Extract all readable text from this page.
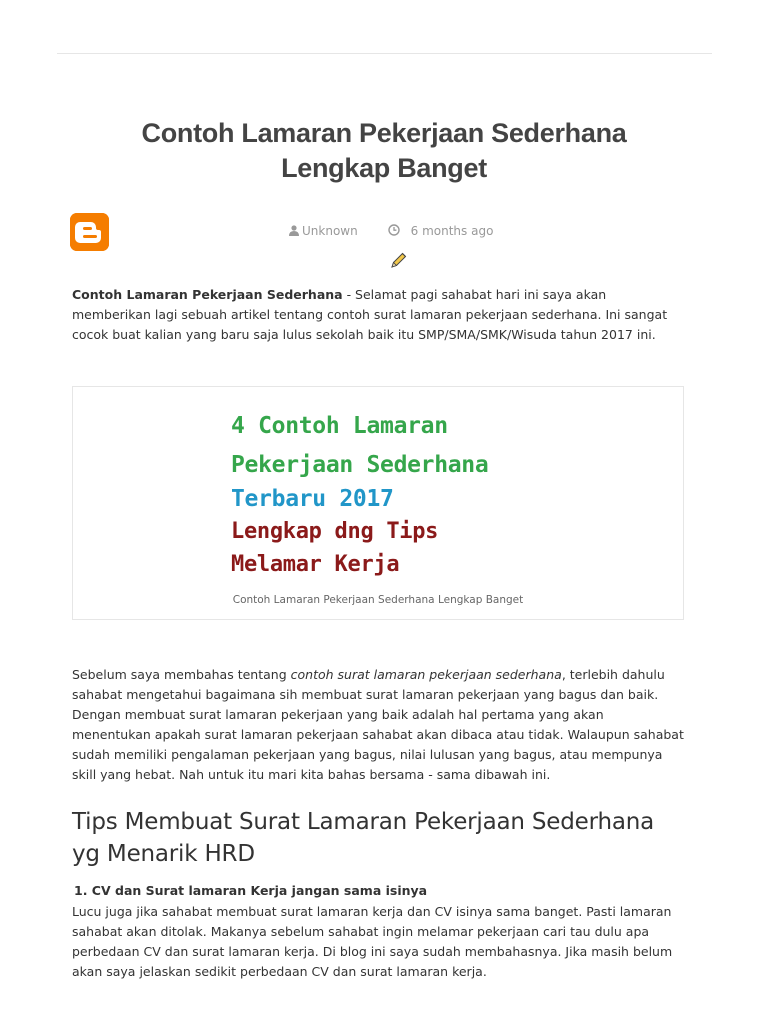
Contoh Lamaran Pekerjaan Sederhana Lengkap Banget
Unknown	6 months ago

Contoh Lamaran Pekerjaan Sederhana - Selamat pagi sahabat hari ini saya akan memberikan lagi sebuah artikel tentang contoh surat lamaran pekerjaan sederhana. Ini sangat cocok buat kalian yang baru saja lulus sekolah baik itu SMP/SMA/SMK/Wisuda tahun 2017 ini.

4 Contoh Lamaran

Pekerjaan Sederhana

Terbaru 2017

Lengkap dng Tips

Melamar Kerja

Contoh Lamaran Pekerjaan Sederhana Lengkap Banget

Sebelum saya membahas tentang contoh surat lamaran pekerjaan sederhana, terlebih dahulu sahabat mengetahui bagaimana sih membuat surat lamaran pekerjaan yang bagus dan baik. Dengan membuat surat lamaran pekerjaan yang baik adalah hal pertama yang akan menentukan apakah surat lamaran pekerjaan sahabat akan dibaca atau tidak. Walaupun sahabat sudah memiliki pengalaman pekerjaan yang bagus, nilai lulusan yang bagus, atau mempunya skill yang hebat. Nah untuk itu mari kita bahas bersama - sama dibawah ini.

Tips Membuat Surat Lamaran Pekerjaan Sederhana yg Menarik HRD

1. CV dan Surat lamaran Kerja jangan sama isinya

Lucu juga jika sahabat membuat surat lamaran kerja dan CV isinya sama banget. Pasti lamaran sahabat akan ditolak. Makanya sebelum sahabat ingin melamar pekerjaan cari tau dulu apa perbedaan CV dan surat lamaran kerja. Di blog ini saya sudah membahasnya. Jika masih belum akan saya jelaskan sedikit perbedaan CV dan surat lamaran kerja.
